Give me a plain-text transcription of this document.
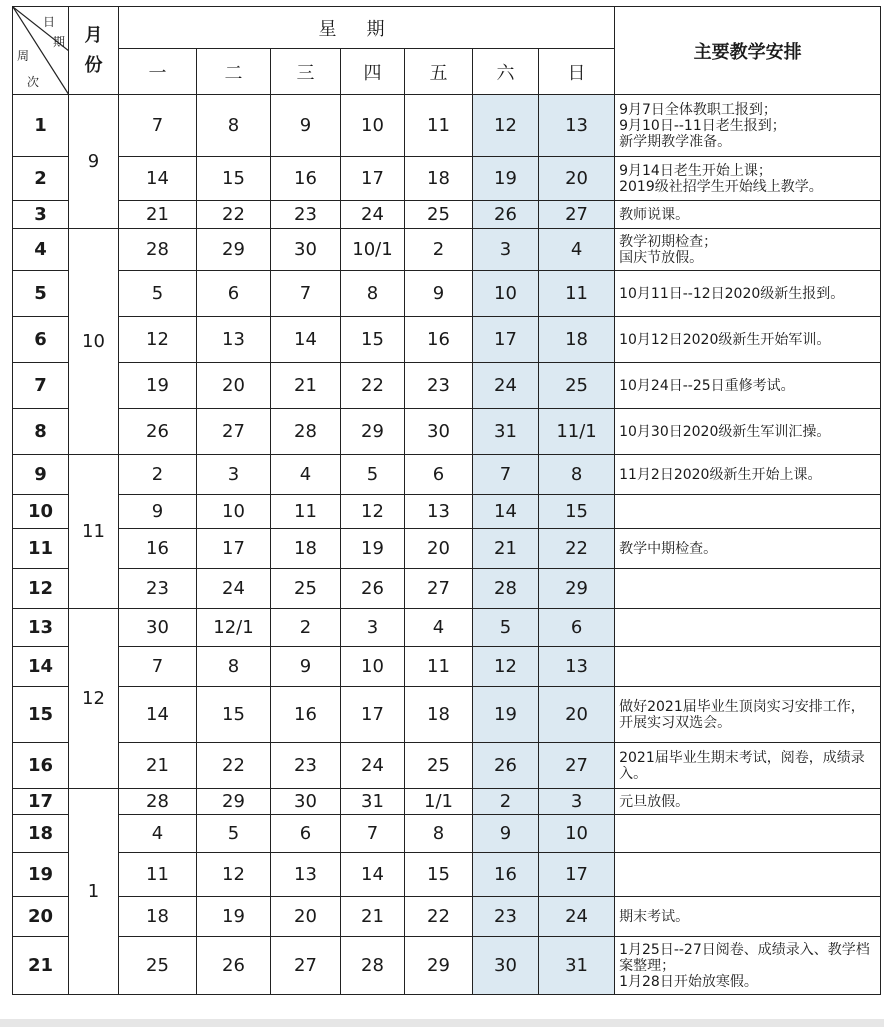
日
期
周
次	月份	星期							主要教学安排
		一	二	三	四	五	六	日	
1	9	7	8	9	10	11	12	13	9月7日全体教职工报到；
9月10日--11日老生报到；
新学期教学准备。
2		14	15	16	17	18	19	20	9月14日老生开始上课；
2019级社招学生开始线上教学。
3		21	22	23	24	25	26	27	教师说课。
4	10	28	29	30	10/1	2	3	4	教学初期检查；
国庆节放假。
5		5	6	7	8	9	10	11	10月11日--12日2020级新生报到。
6		12	13	14	15	16	17	18	10月12日2020级新生开始军训。
7		19	20	21	22	23	24	25	10月24日--25日重修考试。
8		26	27	28	29	30	31	11/1	10月30日2020级新生军训汇操。
9	11	2	3	4	5	6	7	8	11月2日2020级新生开始上课。
10		9	10	11	12	13	14	15	
11		16	17	18	19	20	21	22	教学中期检查。
12		23	24	25	26	27	28	29	
13	12	30	12/1	2	3	4	5	6	
14		7	8	9	10	11	12	13	
15		14	15	16	17	18	19	20	做好2021届毕业生顶岗实习安排工作，开展实习双选会。
16		21	22	23	24	25	26	27	2021届毕业生期末考试，阅卷，成绩录入。
17	1	28	29	30	31	1/1	2	3	元旦放假。
18		4	5	6	7	8	9	10	
19		11	12	13	14	15	16	17	
20		18	19	20	21	22	23	24	期末考试。
21		25	26	27	28	29	30	31	1月25日--27日阅卷、成绩录入、教学档案整理；
1月28日开始放寒假。
